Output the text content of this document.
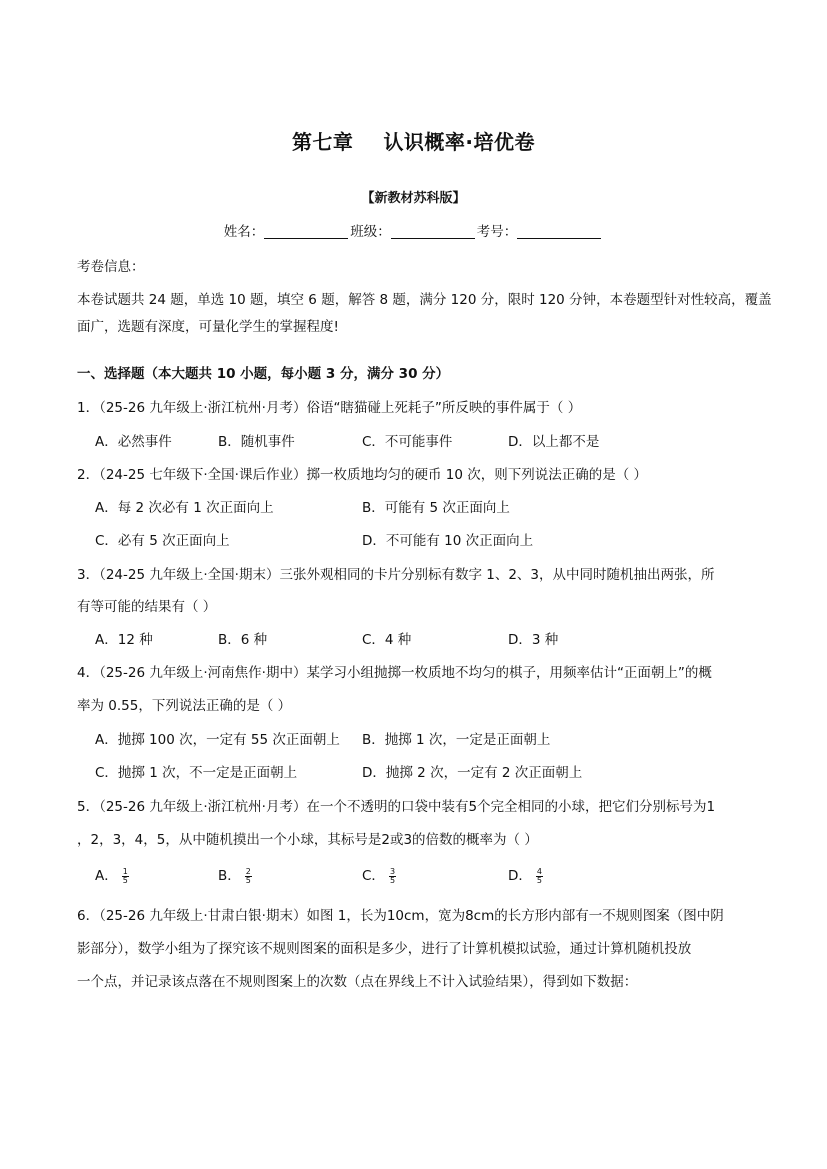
第七章 认识概率·培优卷
【新教材苏科版】
姓名：	班级：	考号：
考卷信息：
本卷试题共 24 题，单选 10 题，填空 6 题，解答 8 题，满分 120 分，限时 120 分钟，本卷题型针对性较高，覆盖
面广，选题有深度，可量化学生的掌握程度!
一、选择题（本大题共 10 小题，每小题 3 分，满分 30 分）
1．（25-26 九年级上·浙江杭州·月考）俗语“瞎猫碰上死耗子”所反映的事件属于（ ）
A．必然事件	B．随机事件	C．不可能事件	D．以上都不是
2．（24-25 七年级下·全国·课后作业）掷一枚质地均匀的硬币 10 次，则下列说法正确的是（ ）
A．每 2 次必有 1 次正面向上	B．可能有 5 次正面向上
C．必有 5 次正面向上	D．不可能有 10 次正面向上
3．（24-25 九年级上·全国·期末）三张外观相同的卡片分别标有数字 1、2、3，从中同时随机抽出两张，所
有等可能的结果有（ ）
A．12 种	B．6 种	C．4 种	D．3 种
4．（25-26 九年级上·河南焦作·期中）某学习小组抛掷一枚质地不均匀的棋子，用频率估计“正面朝上”的概
率为 0.55，下列说法正确的是（ ）
A．抛掷 100 次，一定有 55 次正面朝上 B．抛掷 1 次，一定是正面朝上
C．抛掷 1 次，不一定是正面朝上	D．抛掷 2 次，一定有 2 次正面朝上
5．（25-26 九年级上·浙江杭州·月考）在一个不透明的口袋中装有5个完全相同的小球，把它们分别标号为1
，2，3，4，5，从中随机摸出一个小球，其标号是2或3的倍数的概率为（ ）
A． $\frac{1}{5}$	B． $\frac{2}{5}$	C． $\frac{3}{5}$	D． $\frac{4}{5}$
6．（25-26 九年级上·甘肃白银·期末）如图 1，长为10cm，宽为8cm的长方形内部有一不规则图案（图中阴
影部分），数学小组为了探究该不规则图案的面积是多少，进行了计算机模拟试验，通过计算机随机投放
一个点，并记录该点落在不规则图案上的次数（点在界线上不计入试验结果），得到如下数据：
